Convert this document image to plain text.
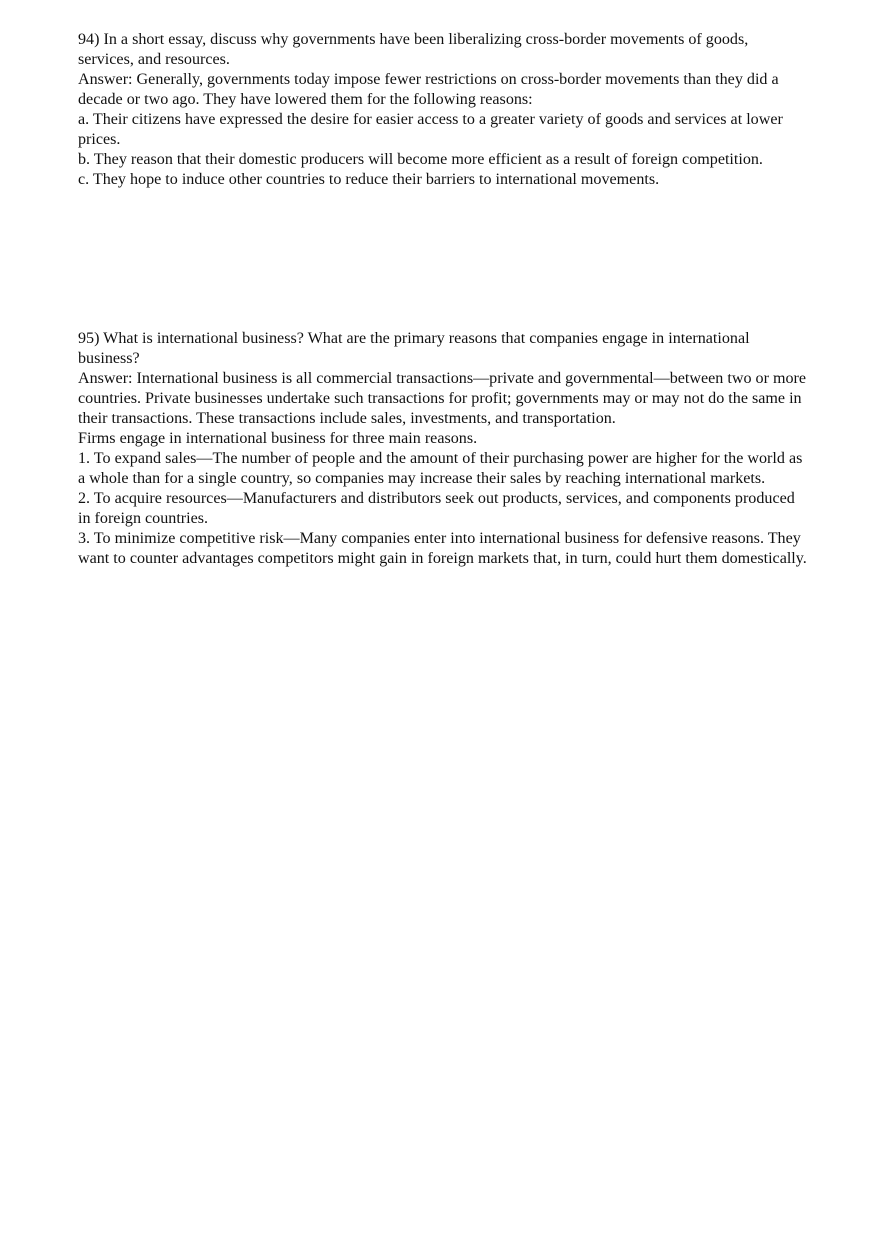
94) In a short essay, discuss why governments have been liberalizing cross-border movements of goods, services, and resources.

Answer: Generally, governments today impose fewer restrictions on cross-border movements than they did a decade or two ago. They have lowered them for the following reasons:

a. Their citizens have expressed the desire for easier access to a greater variety of goods and services at lower prices.

b. They reason that their domestic producers will become more efficient as a result of foreign competition.

c. They hope to induce other countries to reduce their barriers to international movements.

95) What is international business? What are the primary reasons that companies engage in international business?

Answer: International business is all commercial transactions—private and governmental—between two or more countries. Private businesses undertake such transactions for profit; governments may or may not do the same in their transactions. These transactions include sales, investments, and transportation.

Firms engage in international business for three main reasons.

1. To expand sales—The number of people and the amount of their purchasing power are higher for the world as a whole than for a single country, so companies may increase their sales by reaching international markets.

2. To acquire resources—Manufacturers and distributors seek out products, services, and components produced in foreign countries.

3. To minimize competitive risk—Many companies enter into international business for defensive reasons. They want to counter advantages competitors might gain in foreign markets that, in turn, could hurt them domestically.
